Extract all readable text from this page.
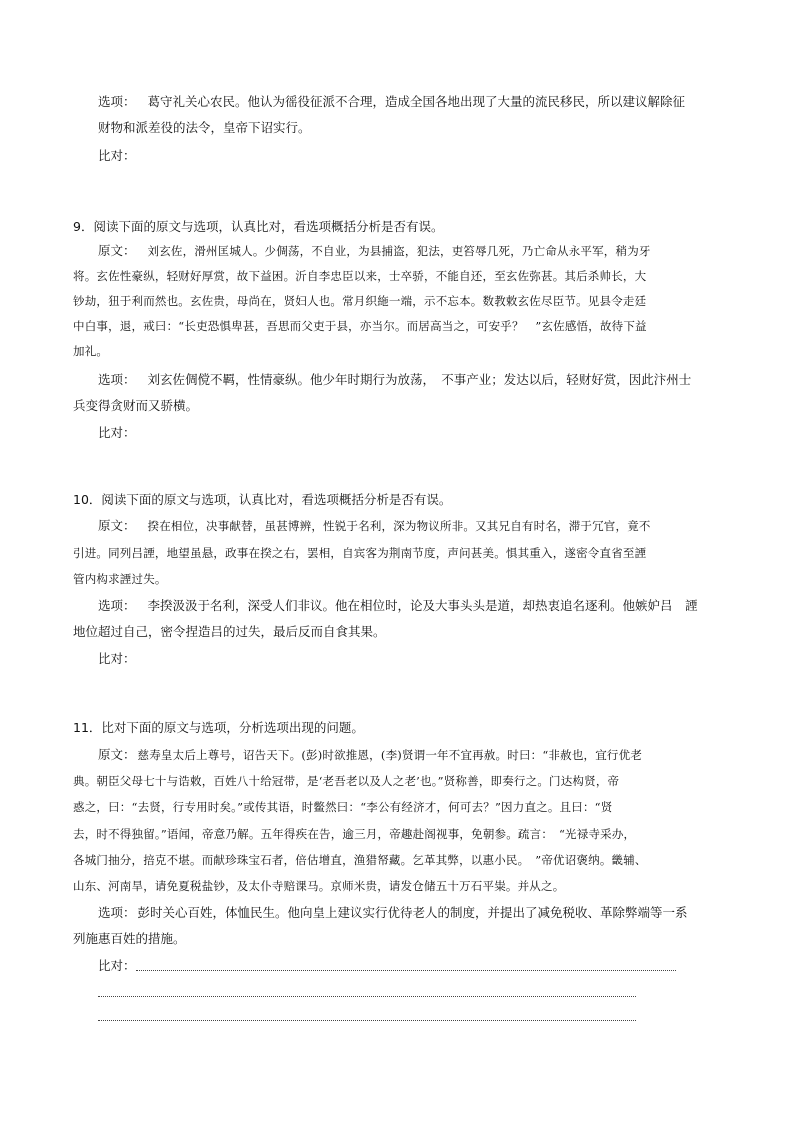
选项： 葛守礼关心农民。他认为徭役征派不合理，造成全国各地出现了大量的流民移民，所以建议解除征
财物和派差役的法令，皇帝下诏实行。
比对：
9．阅读下面的原文与选项，认真比对，看选项概括分析是否有误。
原文： 刘玄佐，滑州匡城人。少倜荡，不自业，为县捕盗，犯法，吏笞辱几死，乃亡命从永平军，稍为牙
将。玄佐性豪纵，轻财好厚赏，故下益困。沂自李忠臣以来，士卒骄，不能自还，至玄佐弥甚。其后杀帅长，大
钞劫，狃于利而然也。玄佐贵，母尚在，贤妇人也。常月织絁一端，示不忘本。数教敕玄佐尽臣节。见县令走廷
中白事，退，戒曰：“长吏恐惧卑甚，吾思而父吏于县，亦当尔。而居高当之，可安乎？　”玄佐感悟，故待下益
加礼。
选项： 刘玄佐倜傥不羁，性情豪纵。他少年时期行为放荡，　不事产业；发达以后，轻财好赏，因此汴州士
兵变得贪财而又骄横。
比对：
10．阅读下面的原文与选项，认真比对，看选项概括分析是否有误。
原文： 揆在相位，决事献替，虽甚博辨，性锐于名利，深为物议所非。又其兄自有时名，滞于冗官，竟不
引进。同列吕諲，地望虽悬，政事在揆之右，罢相，自宾客为荆南节度，声问甚美。惧其重入，遂密令直省至諲
管内构求諲过失。
选项： 李揆汲汲于名利，深受人们非议。他在相位时，论及大事头头是道，却热衷追名逐利。他嫉妒吕　諲
地位超过自己，密令捏造吕的过失，最后反而自食其果。
比对：
11．比对下面的原文与选项，分析选项出现的问题。
原文： 慈寿皇太后上尊号，诏告天下。(彭)时欲推恩，(李)贤谓一年不宜再赦。时曰：“非赦也，宜行优老
典。朝臣父母七十与诰敕，百姓八十给冠带，是‘老吾老以及人之老’也。”贤称善，即奏行之。门达构贤，帝
惑之，曰：“去贤，行专用时矣。”或传其语，时鳖然曰：“李公有经济才，何可去？”因力直之。且曰：“贤
去，时不得独留。”语闻，帝意乃解。五年得疾在告，逾三月，帝趣赴阁视事，免朝参。疏言：　“光禄寺采办，
各城门抽分，掊克不堪。而献珍珠宝石者，倍估增直，渔猎帑藏。乞革其弊，以惠小民。　”帝优诏褒纳。畿辅、
山东、河南旱，请免夏税盐钞，及太仆寺赔课马。京师米贵，请发仓储五十万石平粜。并从之。
选项： 彭时关心百姓，体恤民生。他向皇上建议实行优待老人的制度，并提出了减免税收、革除弊端等一系
列施惠百姓的措施。
比对：
